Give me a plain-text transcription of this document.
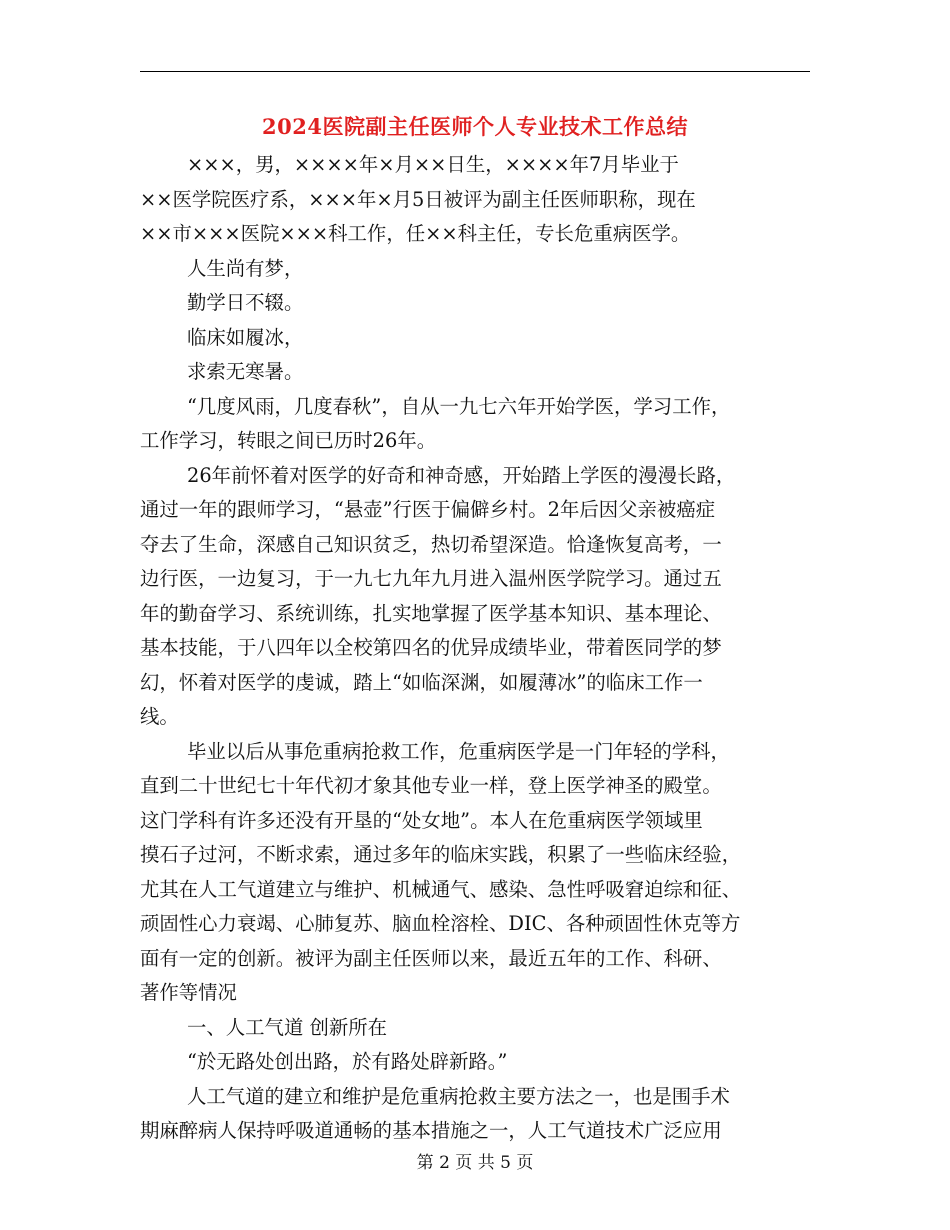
2024医院副主任医师个人专业技术工作总结
×××，男，××××年×月××日生，××××年7月毕业于
××医学院医疗系，×××年×月5日被评为副主任医师职称，现在
××市×××医院×××科工作，任××科主任，专长危重病医学。
人生尚有梦，
勤学日不辍。
临床如履冰，
求索无寒暑。
“几度风雨，几度春秋”，自从一九七六年开始学医，学习工作，
工作学习，转眼之间已历时26年。
26年前怀着对医学的好奇和神奇感，开始踏上学医的漫漫长路，
通过一年的跟师学习，“悬壶”行医于偏僻乡村。2年后因父亲被癌症
夺去了生命，深感自己知识贫乏，热切希望深造。恰逢恢复高考，一
边行医，一边复习，于一九七九年九月进入温州医学院学习。通过五
年的勤奋学习、系统训练，扎实地掌握了医学基本知识、基本理论、
基本技能，于八四年以全校第四名的优异成绩毕业，带着医同学的梦
幻，怀着对医学的虔诚，踏上“如临深渊，如履薄冰”的临床工作一
线。
毕业以后从事危重病抢救工作，危重病医学是一门年轻的学科，
直到二十世纪七十年代初才象其他专业一样，登上医学神圣的殿堂。
这门学科有许多还没有开垦的“处女地”。本人在危重病医学领域里
摸石子过河，不断求索，通过多年的临床实践，积累了一些临床经验，
尤其在人工气道建立与维护、机械通气、感染、急性呼吸窘迫综和征、
顽固性心力衰竭、心肺复苏、脑血栓溶栓、DIC、各种顽固性休克等方
面有一定的创新。被评为副主任医师以来，最近五年的工作、科研、
著作等情况
一、人工气道 创新所在
“於无路处创出路，於有路处辟新路。”
人工气道的建立和维护是危重病抢救主要方法之一，也是围手术
期麻醉病人保持呼吸道通畅的基本措施之一，人工气道技术广泛应用
第 2 页 共 5 页
